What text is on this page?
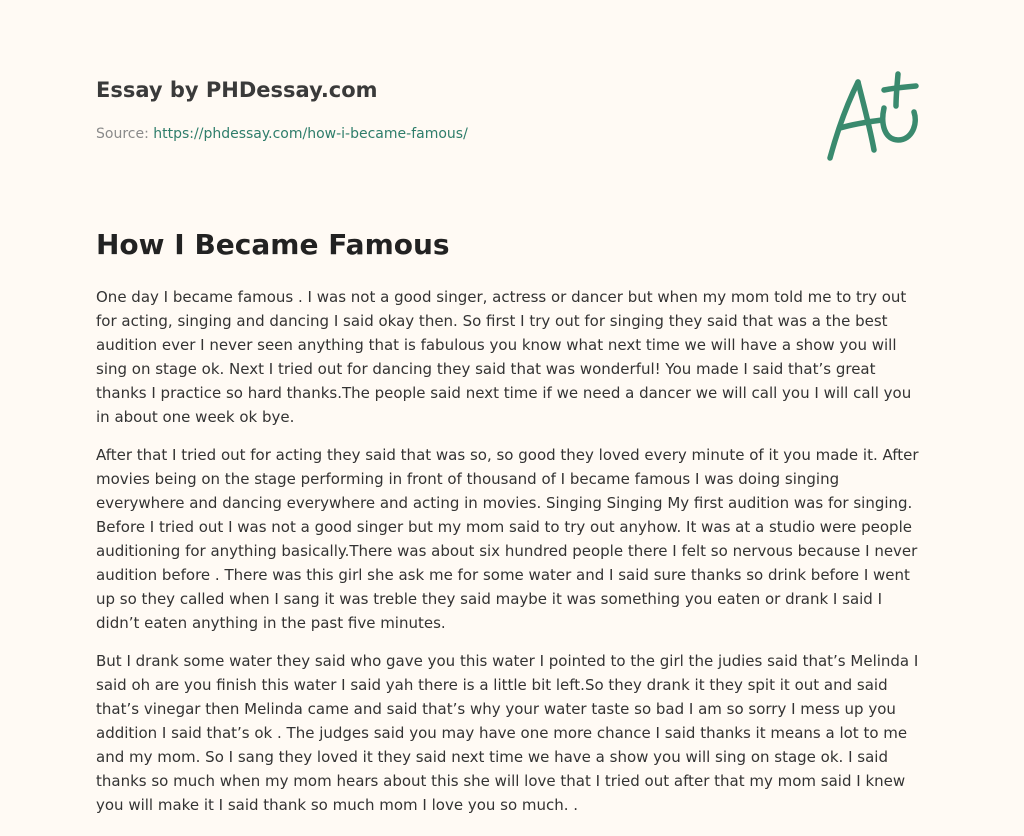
Essay by PHDessay.com
Source: https://phdessay.com/how-i-became-famous/
How I Became Famous

One day I became famous . I was not a good singer, actress or dancer but when my mom told me to try out for acting, singing and dancing I said okay then. So first I try out for singing they said that was a the best audition ever I never seen anything that is fabulous you know what next time we will have a show you will sing on stage ok. Next I tried out for dancing they said that was wonderful! You made I said that’s great thanks I practice so hard thanks.The people said next time if we need a dancer we will call you I will call you in about one week ok bye.

After that I tried out for acting they said that was so, so good they loved every minute of it you made it. After movies being on the stage performing in front of thousand of I became famous I was doing singing everywhere and dancing everywhere and acting in movies. Singing Singing My first audition was for singing. Before I tried out I was not a good singer but my mom said to try out anyhow. It was at a studio were people auditioning for anything basically.There was about six hundred people there I felt so nervous because I never audition before . There was this girl she ask me for some water and I said sure thanks so drink before I went up so they called when I sang it was treble they said maybe it was something you eaten or drank I said I didn’t eaten anything in the past five minutes.

But I drank some water they said who gave you this water I pointed to the girl the judies said that’s Melinda I said oh are you finish this water I said yah there is a little bit left.So they drank it they spit it out and said that’s vinegar then Melinda came and said that’s why your water taste so bad I am so sorry I mess up you addition I said that’s ok . The judges said you may have one more chance I said thanks it means a lot to me and my mom. So I sang they loved it they said next time we have a show you will sing on stage ok. I said thanks so much when my mom hears about this she will love that I tried out after that my mom said I knew you will make it I said thank so much mom I love you so much. .
